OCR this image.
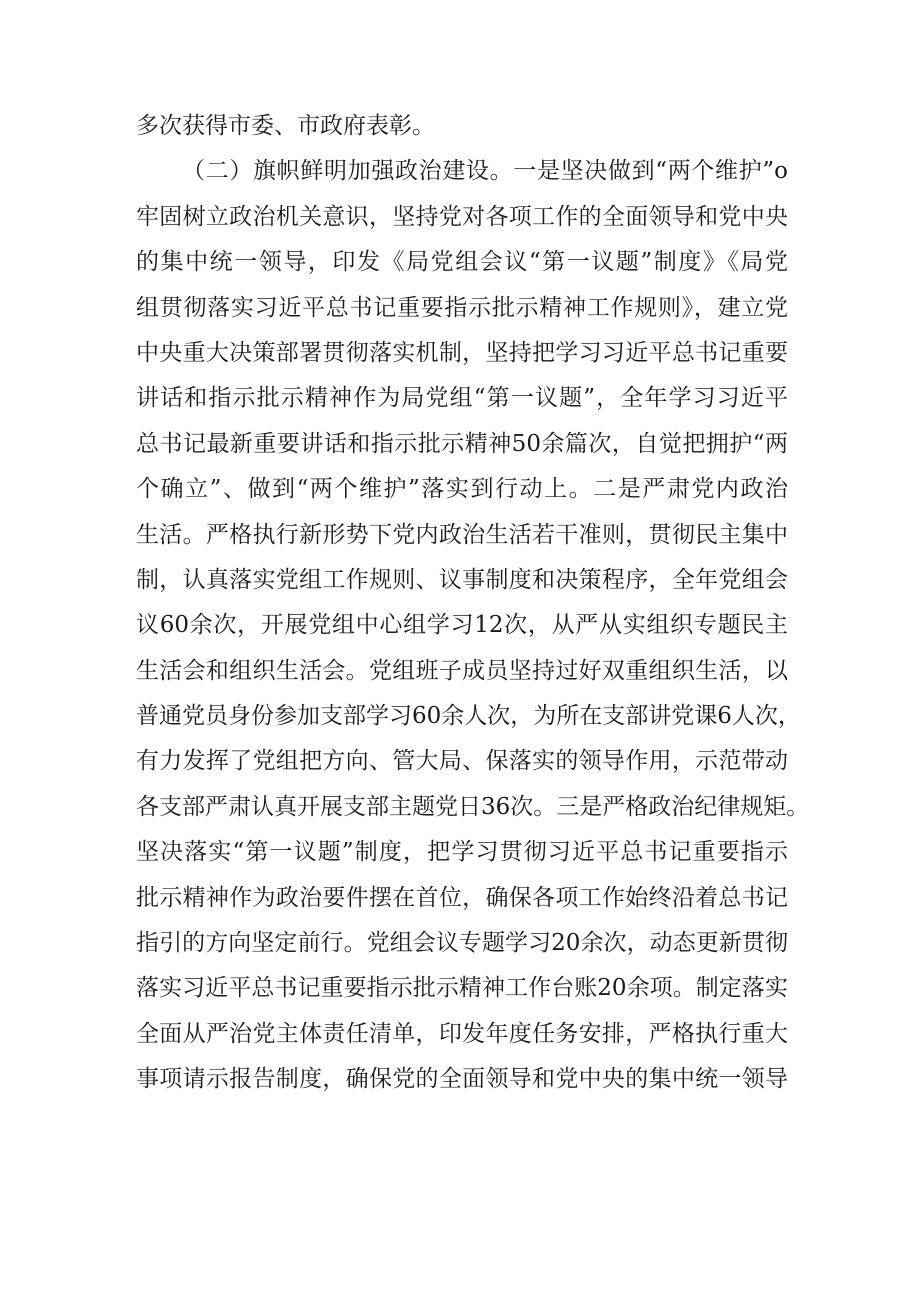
多次获得市委、市政府表彰。
（二）旗帜鲜明加强政治建设。一是坚决做到“两个维护”o
牢固树立政治机关意识，坚持党对各项工作的全面领导和党中央
的集中统一领导，印发《局党组会议“第一议题”制度》《局党
组贯彻落实习近平总书记重要指示批示精神工作规则》，建立党
中央重大决策部署贯彻落实机制，坚持把学习习近平总书记重要
讲话和指示批示精神作为局党组“第一议题”，全年学习习近平
总书记最新重要讲话和指示批示精神50余篇次，自觉把拥护“两
个确立”、做到“两个维护”落实到行动上。二是严肃党内政治
生活。严格执行新形势下党内政治生活若干准则，贯彻民主集中
制，认真落实党组工作规则、议事制度和决策程序，全年党组会
议60余次，开展党组中心组学习12次，从严从实组织专题民主
生活会和组织生活会。党组班子成员坚持过好双重组织生活，以
普通党员身份参加支部学习60余人次，为所在支部讲党课6人次，
有力发挥了党组把方向、管大局、保落实的领导作用，示范带动
各支部严肃认真开展支部主题党日36次。三是严格政治纪律规矩。
坚决落实“第一议题”制度，把学习贯彻习近平总书记重要指示
批示精神作为政治要件摆在首位，确保各项工作始终沿着总书记
指引的方向坚定前行。党组会议专题学习20余次，动态更新贯彻
落实习近平总书记重要指示批示精神工作台账20余项。制定落实
全面从严治党主体责任清单，印发年度任务安排，严格执行重大
事项请示报告制度，确保党的全面领导和党中央的集中统一领导
